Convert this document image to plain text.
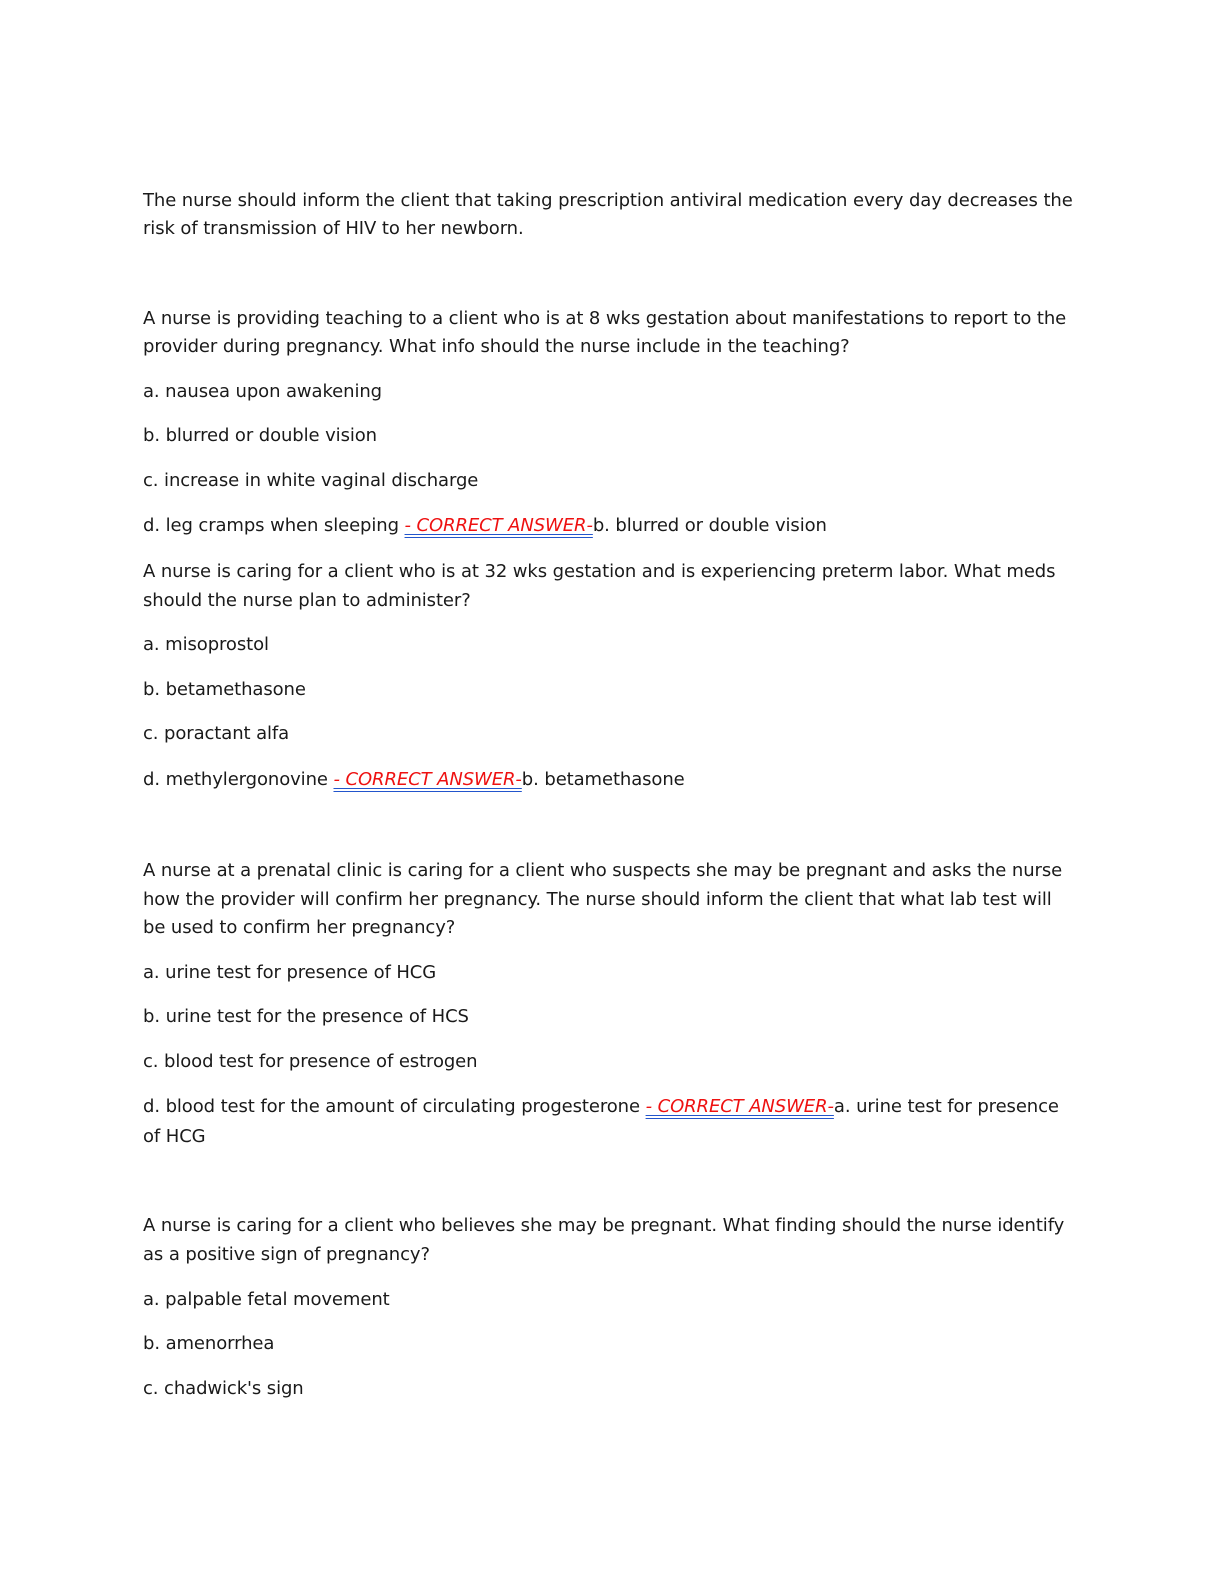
The nurse should inform the client that taking prescription antiviral medication every day decreases the
risk of transmission of HIV to her newborn.
A nurse is providing teaching to a client who is at 8 wks gestation about manifestations to report to the
provider during pregnancy. What info should the nurse include in the teaching?
a. nausea upon awakening
b. blurred or double vision
c. increase in white vaginal discharge
d. leg cramps when sleeping - CORRECT ANSWER-b. blurred or double vision
A nurse is caring for a client who is at 32 wks gestation and is experiencing preterm labor. What meds
should the nurse plan to administer?
a. misoprostol
b. betamethasone
c. poractant alfa
d. methylergonovine - CORRECT ANSWER-b. betamethasone
A nurse at a prenatal clinic is caring for a client who suspects she may be pregnant and asks the nurse
how the provider will confirm her pregnancy. The nurse should inform the client that what lab test will
be used to confirm her pregnancy?
a. urine test for presence of HCG
b. urine test for the presence of HCS
c. blood test for presence of estrogen
d. blood test for the amount of circulating progesterone - CORRECT ANSWER-a. urine test for presence
of HCG
A nurse is caring for a client who believes she may be pregnant. What finding should the nurse identify
as a positive sign of pregnancy?
a. palpable fetal movement
b. amenorrhea
c. chadwick's sign
